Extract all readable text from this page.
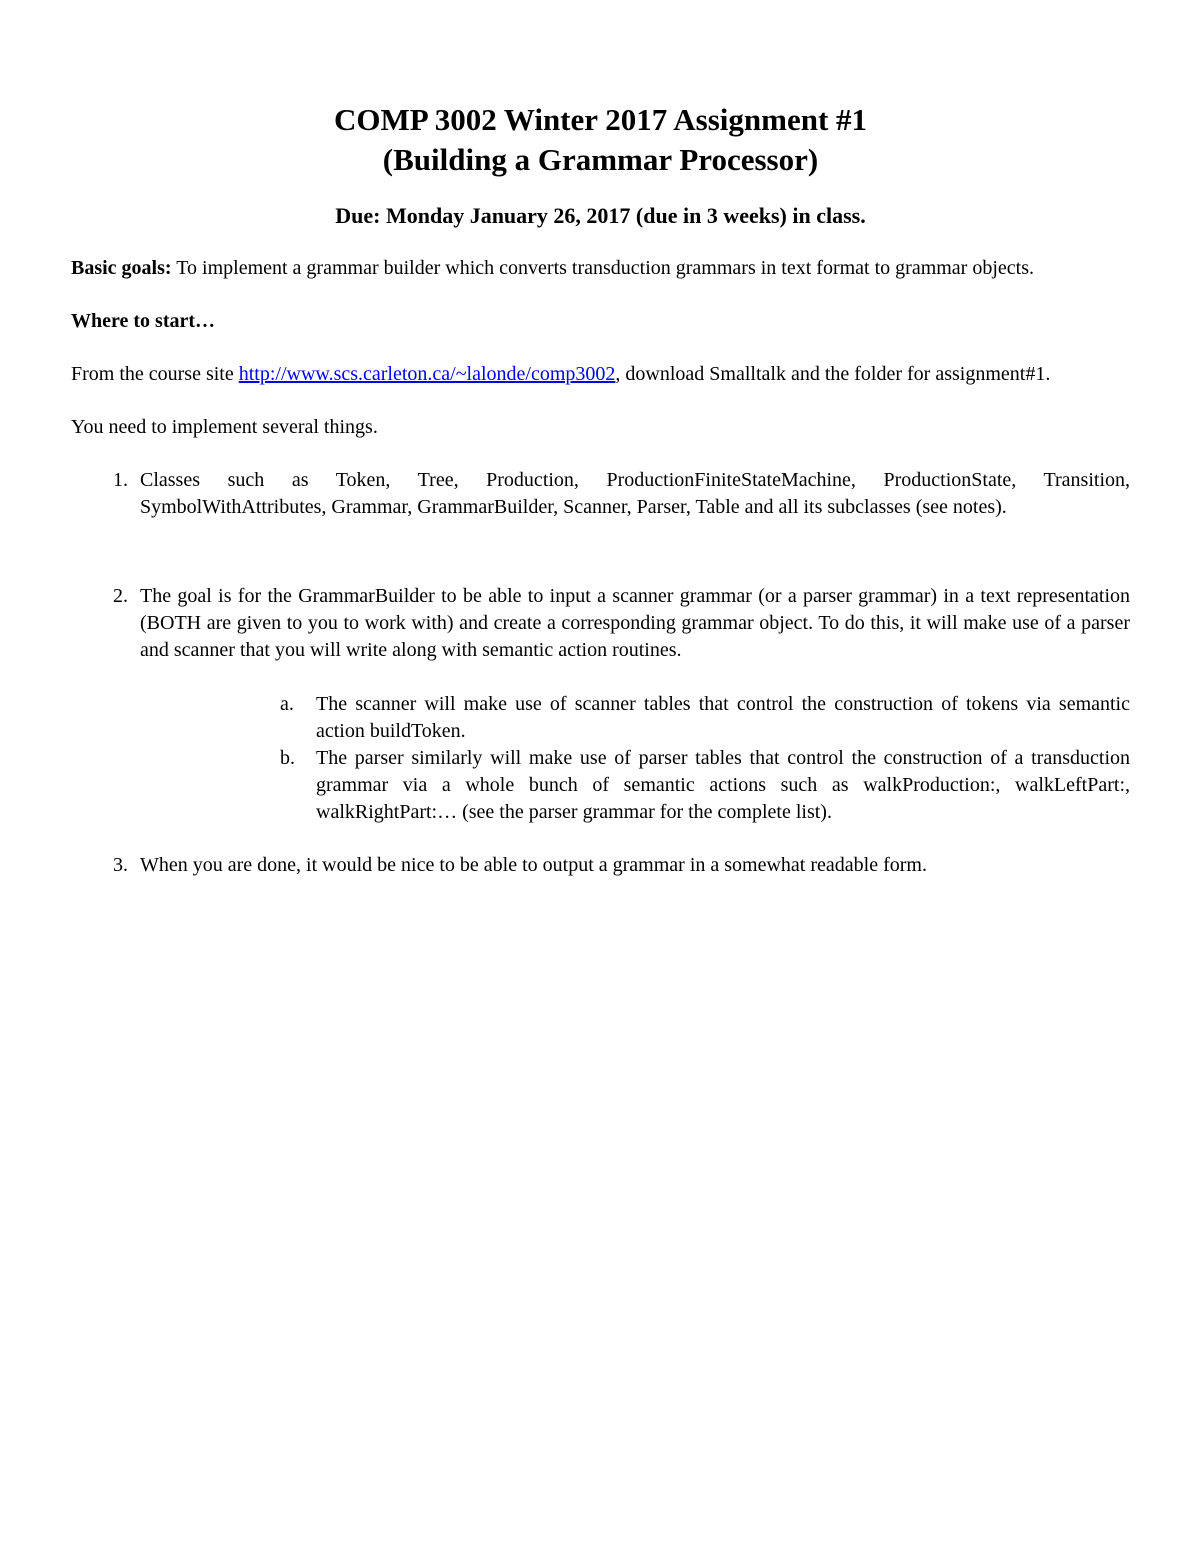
COMP 3002 Winter 2017 Assignment #1
(Building a Grammar Processor)
Due: Monday January 26, 2017 (due in 3 weeks) in class.

Basic goals: To implement a grammar builder which converts transduction grammars in text format to grammar objects.

Where to start…

From the course site http://www.scs.carleton.ca/~lalonde/comp3002, download Smalltalk and the folder for assignment#1.

You need to implement several things.

1. Classes such as Token, Tree, Production, ProductionFiniteStateMachine, ProductionState, Transition, SymbolWithAttributes, Grammar, GrammarBuilder, Scanner, Parser, Table and all its subclasses (see notes).
2. The goal is for the GrammarBuilder to be able to input a scanner grammar (or a parser grammar) in a text representation (BOTH are given to you to work with) and create a corresponding grammar object. To do this, it will make use of a parser and scanner that you will write along with semantic action routines.
a. The scanner will make use of scanner tables that control the construction of tokens via semantic action buildToken.
b. The parser similarly will make use of parser tables that control the construction of a transduction grammar via a whole bunch of semantic actions such as walkProduction:, walkLeftPart:, walkRightPart:… (see the parser grammar for the complete list).
3. When you are done, it would be nice to be able to output a grammar in a somewhat readable form.
